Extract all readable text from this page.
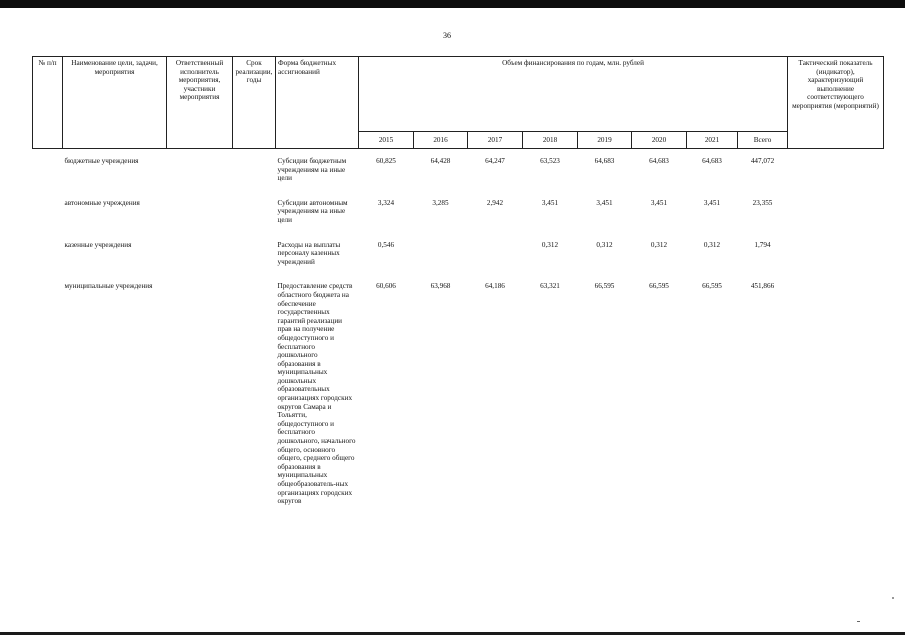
36
№ п/п	Наименование цели, задачи, мероприятия	Ответственный исполнитель мероприятия, участники мероприятия	Срок реализации, годы	Форма бюджетных ассигнований	Объем финансирования по годам, млн. рублей								Тактический показатель (индикатор), характеризующий выполнение соответствующего мероприятия (мероприятий)
					2015	2016	2017	2018	2019	2020	2021	Всего	
	бюджетные учреждения			Субсидии бюджетным учреждениям на иные цели	60,825	64,428	64,247	63,523	64,683	64,683	64,683	447,072	
	автономные учреждения			Субсидии автономным учреждениям на иные цели	3,324	3,285	2,942	3,451	3,451	3,451	3,451	23,355	
	казенные учреждения			Расходы на выплаты персоналу казенных учреждений	0,546			0,312	0,312	0,312	0,312	1,794	
	муниципальные учреждения			Предоставление средств областного бюджета на обеспечение государственных гарантий реализации прав на получение общедоступного и бесплатного дошкольного образования в муниципальных дошкольных образовательных организациях городских округов Самара и Тольятти, общедоступного и бесплатного дошкольного, начального общего, основного общего, среднего общего образования в муниципальных общеобразователь-ных организациях городских округов	60,606	63,968	64,186	63,321	66,595	66,595	66,595	451,866	
